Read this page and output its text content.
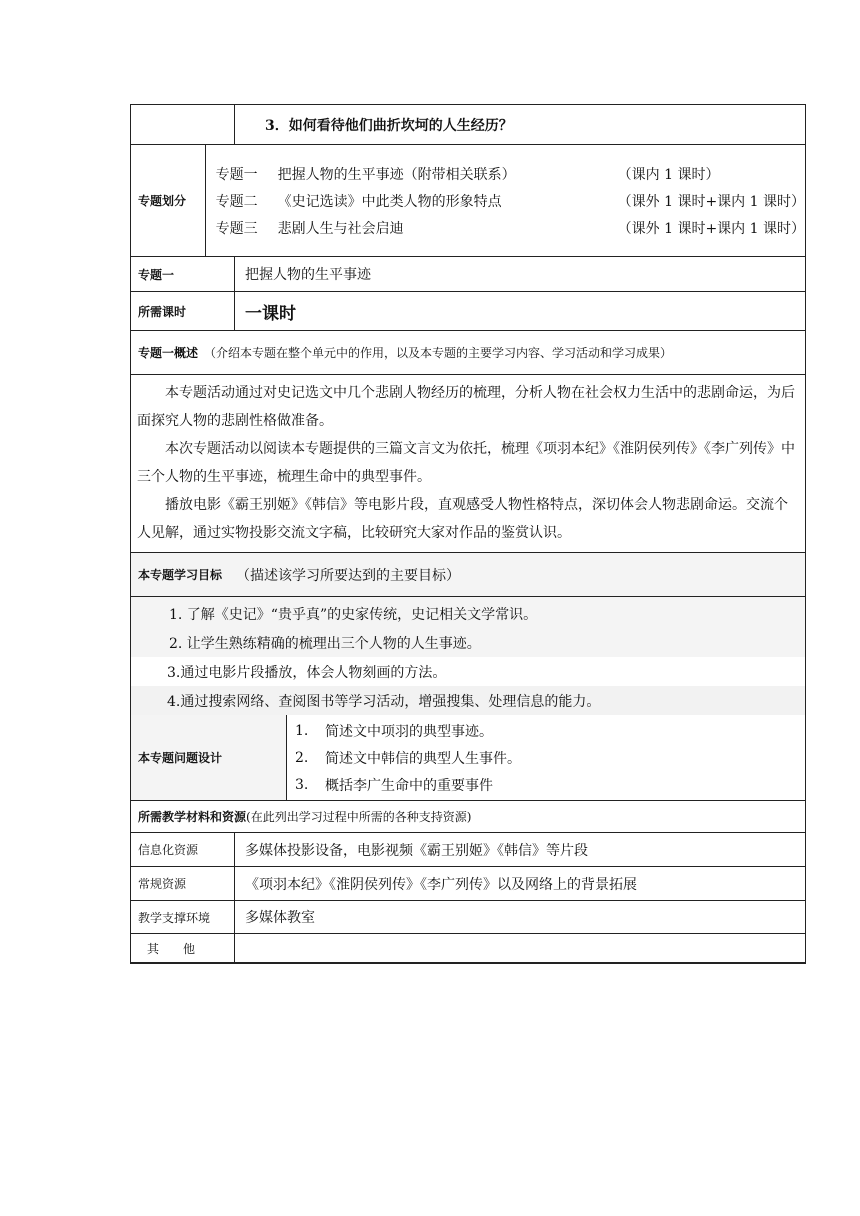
3．如何看待他们曲折坎坷的人生经历？
专题划分
专题一	把握人物的生平事迹（附带相关联系）	（课内 1 课时）
专题二	《史记选读》中此类人物的形象特点	（课外 1 课时+课内 1 课时）
专题三	悲剧人生与社会启迪	（课外 1 课时+课内 1 课时）
专题一	把握人物的生平事迹
所需课时	一课时
专题一概述 （介绍本专题在整个单元中的作用，以及本专题的主要学习内容、学习活动和学习成果）

本专题活动通过对史记选文中几个悲剧人物经历的梳理，分析人物在社会权力生活中的悲剧命运，为后面探究人物的悲剧性格做准备。

本次专题活动以阅读本专题提供的三篇文言文为依托，梳理《项羽本纪》《淮阴侯列传》《李广列传》中三个人物的生平事迹，梳理生命中的典型事件。

播放电影《霸王别姬》《韩信》等电影片段，直观感受人物性格特点，深切体会人物悲剧命运。交流个人见解，通过实物投影交流文字稿，比较研究大家对作品的鉴赏认识。

本专题学习目标 （描述该学习所要达到的主要目标）
1. 了解《史记》“贵乎真”的史家传统，史记相关文学常识。
2. 让学生熟练精确的梳理出三个人物的人生事迹。
3.通过电影片段播放，体会人物刻画的方法。
4.通过搜索网络、查阅图书等学习活动，增强搜集、处理信息的能力。
本专题问题设计
1.	简述文中项羽的典型事迹。
2.	简述文中韩信的典型人生事件。
3.	概括李广生命中的重要事件
所需教学材料和资源 (在此列出学习过程中所需的各种支持资源)
信息化资源	多媒体投影设备，电影视频《霸王别姬》《韩信》等片段
常规资源	《项羽本纪》《淮阴侯列传》《李广列传》以及网络上的背景拓展
教学支撑环境	多媒体教室
其　　他
